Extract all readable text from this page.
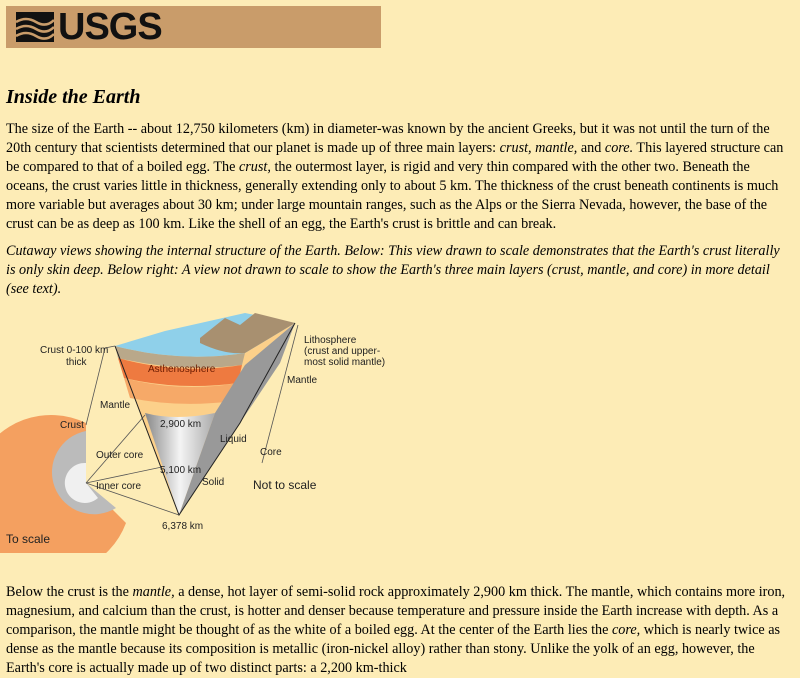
USGS
Inside the Earth

The size of the Earth -- about 12,750 kilometers (km) in diameter-was known by the ancient Greeks, but it was not until the turn of the 20th century that scientists determined that our planet is made up of three main layers: crust, mantle, and core. This layered structure can be compared to that of a boiled egg. The crust, the outermost layer, is rigid and very thin compared with the other two. Beneath the oceans, the crust varies little in thickness, generally extending only to about 5 km. The thickness of the crust beneath continents is much more variable but averages about 30 km; under large mountain ranges, such as the Alps or the Sierra Nevada, however, the base of the crust can be as deep as 100 km. Like the shell of an egg, the Earth's crust is brittle and can break.

Cutaway views showing the internal structure of the Earth. Below: This view drawn to scale demonstrates that the Earth's crust literally is only skin deep. Below right: A view not drawn to scale to show the Earth's three main layers (crust, mantle, and core) in more detail (see text).

Crust 0-100 km
thick
Lithosphere
(crust and upper-
most solid mantle)
Asthenosphere
Mantle
Mantle
Crust	2,900 km
Liquid
Core
Outer core
5,100 km
Solid Not to scale
Inner core
6,378 km
To scale

Below the crust is the mantle, a dense, hot layer of semi-solid rock approximately 2,900 km thick. The mantle, which contains more iron, magnesium, and calcium than the crust, is hotter and denser because temperature and pressure inside the Earth increase with depth. As a comparison, the mantle might be thought of as the white of a boiled egg. At the center of the Earth lies the core, which is nearly twice as dense as the mantle because its composition is metallic (iron-nickel alloy) rather than stony. Unlike the yolk of an egg, however, the Earth's core is actually made up of two distinct parts: a 2,200 km-thick
